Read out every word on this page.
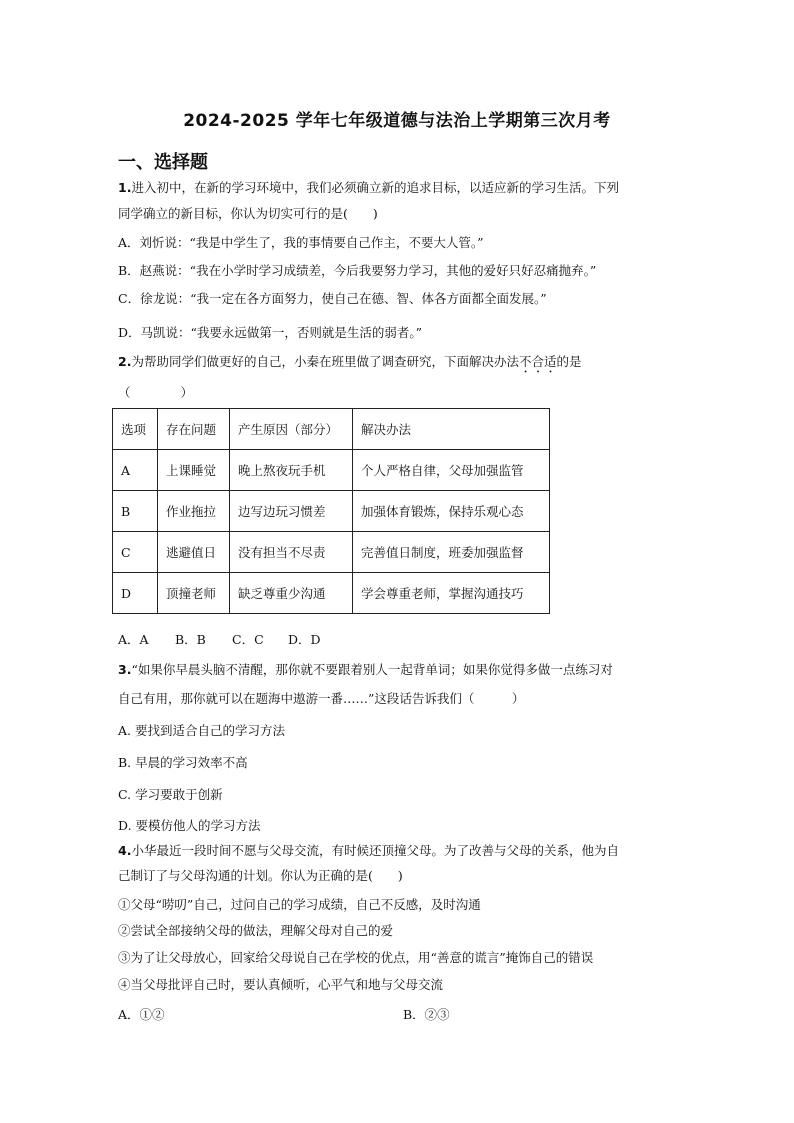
2024-2025 学年七年级道德与法治上学期第三次月考
一、选择题
1.进入初中，在新的学习环境中，我们必须确立新的追求目标，以适应新的学习生活。下列
同学确立的新目标，你认为切实可行的是(　　)
A．刘忻说：“我是中学生了，我的事情要自己作主，不要大人管。”
B．赵燕说：“我在小学时学习成绩差，今后我要努力学习，其他的爱好只好忍痛抛弃。”
C．徐龙说：“我一定在各方面努力，使自己在德、智、体各方面都全面发展。”
D．马凯说：“我要永远做第一，否则就是生活的弱者。”
2.为帮助同学们做更好的自己，小秦在班里做了调查研究，下面解决办法不合适的是
（　　　　）
选项	存在问题	产生原因（部分）	解决办法
A	上课睡觉	晚上熬夜玩手机	个人严格自律，父母加强监管
B	作业拖拉	边写边玩习惯差	加强体育锻炼，保持乐观心态
C	逃避值日	没有担当不尽责	完善值日制度，班委加强监督
D	顶撞老师	缺乏尊重少沟通	学会尊重老师，掌握沟通技巧
A．A B．B C．C D．D
3.“如果你早晨头脑不清醒，那你就不要跟着别人一起背单词；如果你觉得多做一点练习对
自己有用，那你就可以在题海中遨游一番……”这段话告诉我们（　　　）
A. 要找到适合自己的学习方法
B. 早晨的学习效率不高
C. 学习要敢于创新
D. 要模仿他人的学习方法
4.小华最近一段时间不愿与父母交流，有时候还顶撞父母。为了改善与父母的关系，他为自
己制订了与父母沟通的计划。你认为正确的是(　　)
①父母“唠叨”自己，过问自己的学习成绩，自己不反感，及时沟通
②尝试全部接纳父母的做法，理解父母对自己的爱
③为了让父母放心，回家给父母说自己在学校的优点，用“善意的谎言”掩饰自己的错误
④当父母批评自己时，要认真倾听，心平气和地与父母交流
A．①②	B．②③
